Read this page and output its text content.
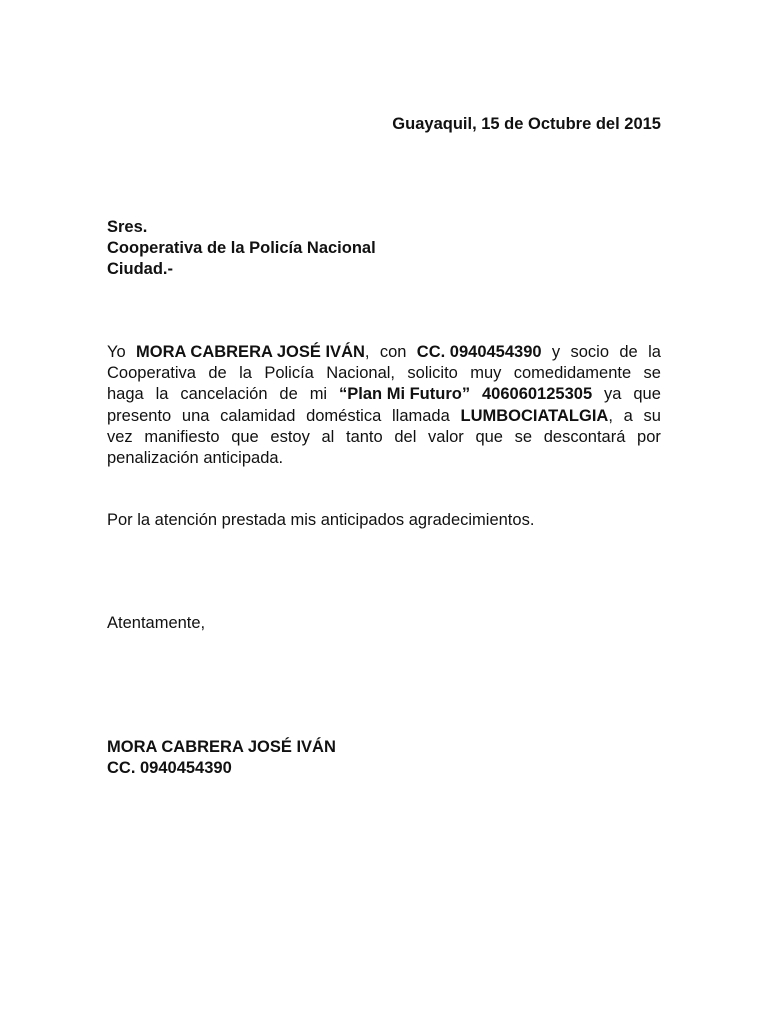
Guayaquil, 15 de Octubre del 2015
Sres.
Cooperativa de la Policía Nacional
Ciudad.-
Yo MORA CABRERA JOSÉ IVÁN, con CC. 0940454390 y socio de la
Cooperativa de la Policía Nacional, solicito muy comedidamente se
haga la cancelación de mi “Plan Mi Futuro” 406060125305 ya que
presento una calamidad doméstica llamada LUMBOCIATALGIA, a su
vez manifiesto que estoy al tanto del valor que se descontará por
penalización anticipada.
Por la atención prestada mis anticipados agradecimientos.
Atentamente,
MORA CABRERA JOSÉ IVÁN
CC. 0940454390
